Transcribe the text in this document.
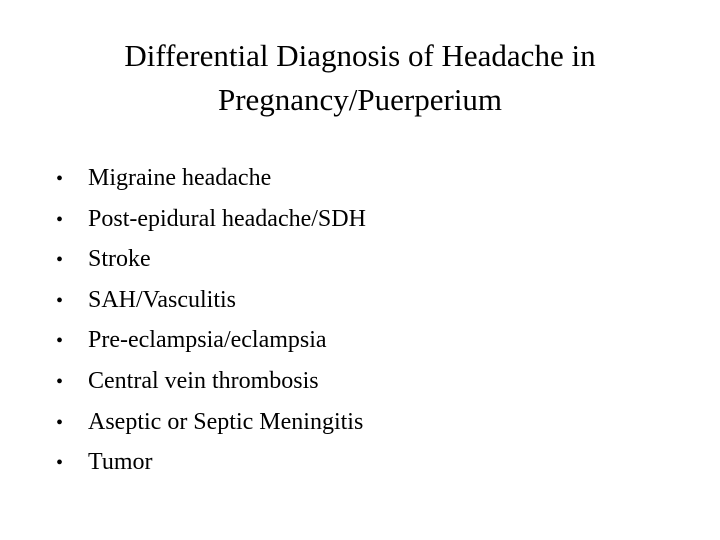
Differential Diagnosis of Headache in
Pregnancy/Puerperium
•	Migraine headache
•	Post-epidural headache/SDH
•	Stroke
•	SAH/Vasculitis
•	Pre-eclampsia/eclampsia
•	Central vein thrombosis
•	Aseptic or Septic Meningitis
•	Tumor
